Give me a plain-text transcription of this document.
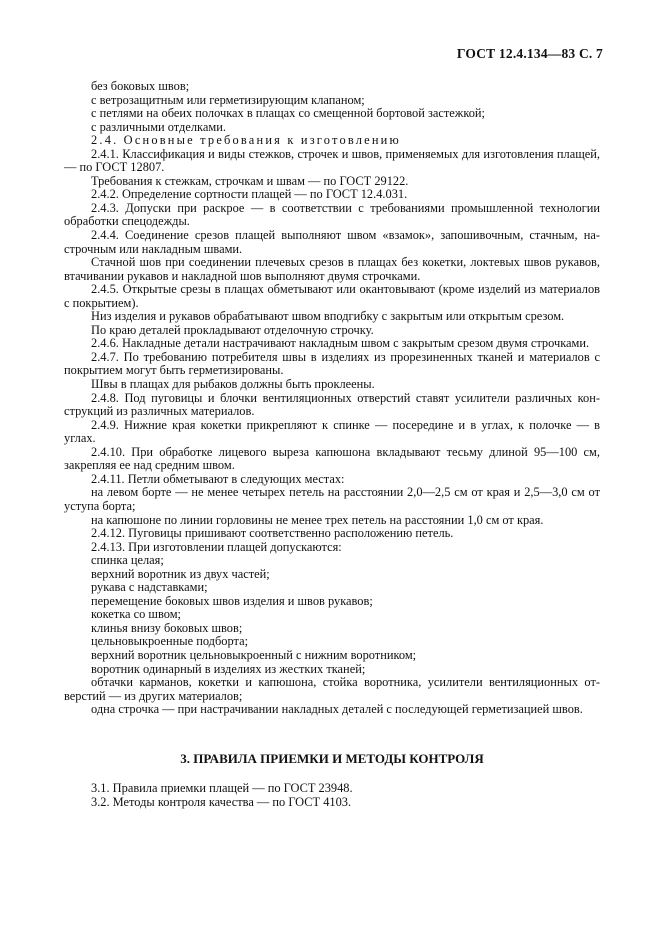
ГОСТ 12.4.134—83 С. 7

без боковых швов;

с ветрозащитным или герметизирующим клапаном;

с петлями на обеих полочках в плащах со смещенной бортовой застежкой;

с различными отделками.

2.4. Основные требования к изготовлению

2.4.1. Классификация и виды стежков, строчек и швов, применяемых для изготовления плащей, — по ГОСТ 12807.

Требования к стежкам, строчкам и швам — по ГОСТ 29122.

2.4.2. Определение сортности плащей — по ГОСТ 12.4.031.

2.4.3. Допуски при раскрое — в соответствии с требованиями промышленной технологии обработки спецодежды.

2.4.4. Соединение срезов плащей выполняют швом «взамок», запошивочным, стачным, настрочным или накладным швами.

Стачной шов при соединении плечевых срезов в плащах без кокетки, локтевых швов рукавов, втачивании рукавов и накладной шов выполняют двумя строчками.

2.4.5. Открытые срезы в плащах обметывают или окантовывают (кроме изделий из материалов с покрытием).

Низ изделия и рукавов обрабатывают швом вподгибку с закрытым или открытым срезом.

По краю деталей прокладывают отделочную строчку.

2.4.6. Накладные детали настрачивают накладным швом с закрытым срезом двумя строчками.

2.4.7. По требованию потребителя швы в изделиях из прорезиненных тканей и материалов с покрытием могут быть герметизированы.

Швы в плащах для рыбаков должны быть проклеены.

2.4.8. Под пуговицы и блочки вентиляционных отверстий ставят усилители различных конструкций из различных материалов.

2.4.9. Нижние края кокетки прикрепляют к спинке — посередине и в углах, к полочке — в углах.

2.4.10. При обработке лицевого выреза капюшона вкладывают тесьму длиной 95—100 см, закрепляя ее над средним швом.

2.4.11. Петли обметывают в следующих местах:

на левом борте — не менее четырех петель на расстоянии 2,0—2,5 см от края и 2,5—3,0 см от уступа борта;

на капюшоне по линии горловины не менее трех петель на расстоянии 1,0 см от края.

2.4.12. Пуговицы пришивают соответственно расположению петель.

2.4.13. При изготовлении плащей допускаются:

спинка целая;

верхний воротник из двух частей;

рукава с надставками;

перемещение боковых швов изделия и швов рукавов;

кокетка со швом;

клинья внизу боковых швов;

цельновыкроенные подборта;

верхний воротник цельновыкроенный с нижним воротником;

воротник одинарный в изделиях из жестких тканей;

обтачки карманов, кокетки и капюшона, стойка воротника, усилители вентиляционных отверстий — из других материалов;

одна строчка — при настрачивании накладных деталей с последующей герметизацией швов.

3. ПРАВИЛА ПРИЕМКИ И МЕТОДЫ КОНТРОЛЯ

3.1. Правила приемки плащей — по ГОСТ 23948.

3.2. Методы контроля качества — по ГОСТ 4103.
